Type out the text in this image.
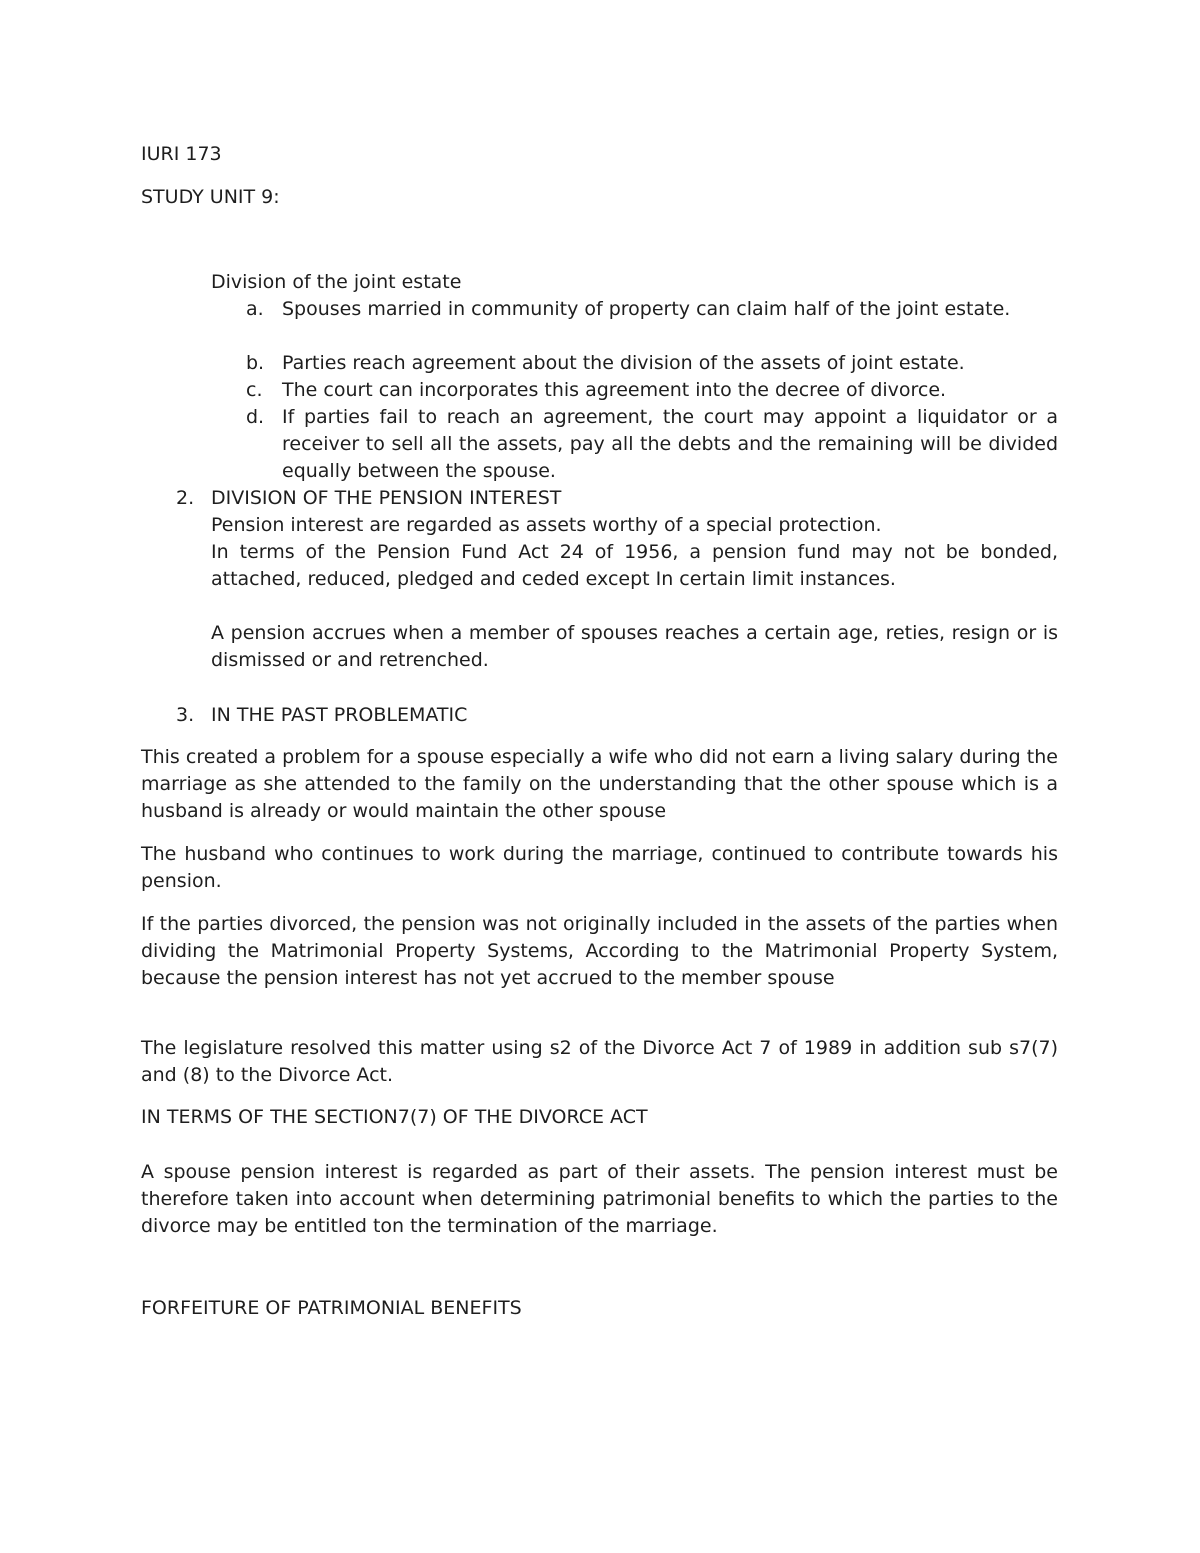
IURI 173
STUDY UNIT 9:
Division of the joint estate
a. Spouses married in community of property can claim half of the joint estate.

b. Parties reach agreement about the division of the assets of joint estate.

c. The court can incorporates this agreement into the decree of divorce.

d. If parties fail to reach an agreement, the court may appoint a liquidator or a receiver to sell all the assets, pay all the debts and the remaining will be divided equally between the spouse.

2. DIVISION OF THE PENSION INTEREST

Pension interest are regarded as assets worthy of a special protection.

In terms of the Pension Fund Act 24 of 1956, a pension fund may not be bonded, attached, reduced, pledged and ceded except In certain limit instances.

A pension accrues when a member of spouses reaches a certain age, reties, resign or is dismissed or and retrenched.

3. IN THE PAST PROBLEMATIC

This created a problem for a spouse especially a wife who did not earn a living salary during the marriage as she attended to the family on the understanding that the other spouse which is a husband is already or would maintain the other spouse

The husband who continues to work during the marriage, continued to contribute towards his pension.

If the parties divorced, the pension was not originally included in the assets of the parties when dividing the Matrimonial Property Systems, According to the Matrimonial Property System, because the pension interest has not yet accrued to the member spouse

The legislature resolved this matter using s2 of the Divorce Act 7 of 1989 in addition sub s7(7) and (8) to the Divorce Act.

IN TERMS OF THE SECTION7(7) OF THE DIVORCE ACT

A spouse pension interest is regarded as part of their assets. The pension interest must be therefore taken into account when determining patrimonial benefits to which the parties to the divorce may be entitled ton the termination of the marriage.

FORFEITURE OF PATRIMONIAL BENEFITS
